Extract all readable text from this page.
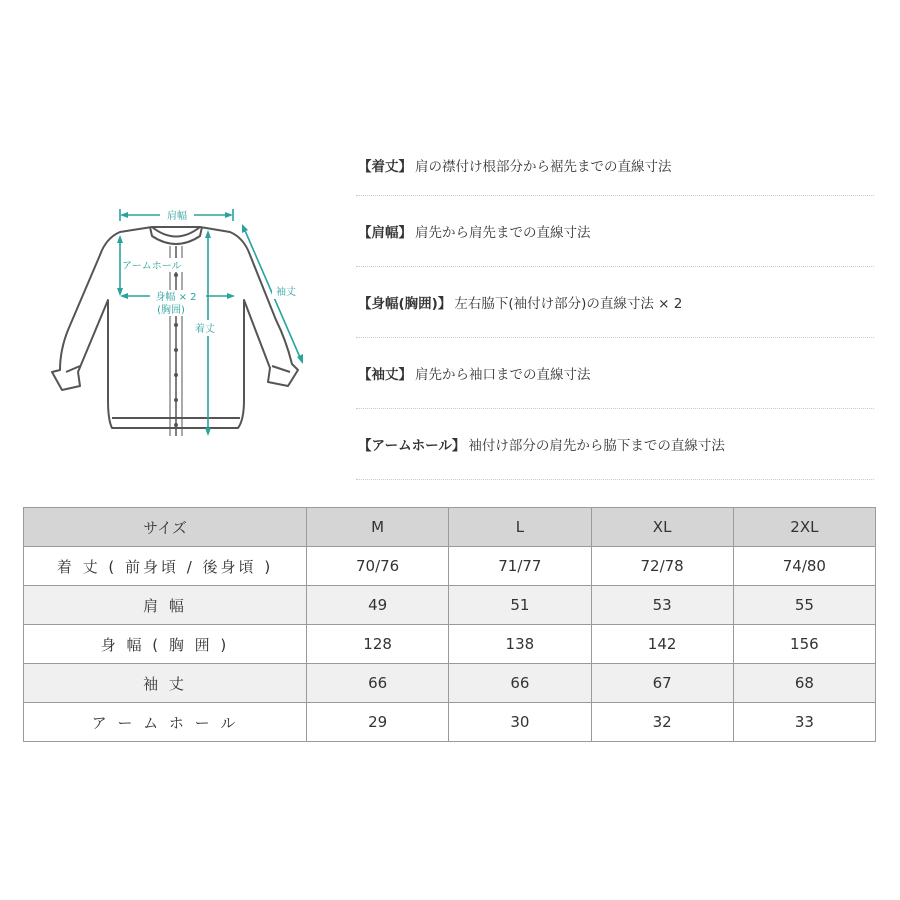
肩幅
アームホール
身幅 × 2
(胸囲)
着丈
袖丈
【着丈】 肩の襟付け根部分から裾先までの直線寸法
【肩幅】 肩先から肩先までの直線寸法
【身幅(胸囲)】 左右脇下(袖付け部分)の直線寸法 × 2
【袖丈】 肩先から袖口までの直線寸法
【アームホール】 袖付け部分の肩先から脇下までの直線寸法
サイズ	M	L	XL	2XL
着 丈 ( 前身頃 / 後身頃 )	70/76	71/77	72/78	74/80
肩 幅	49	51	53	55
身 幅 ( 胸 囲 )	128	138	142	156
袖 丈	66	66	67	68
ア ー ム ホ ー ル	29	30	32	33
